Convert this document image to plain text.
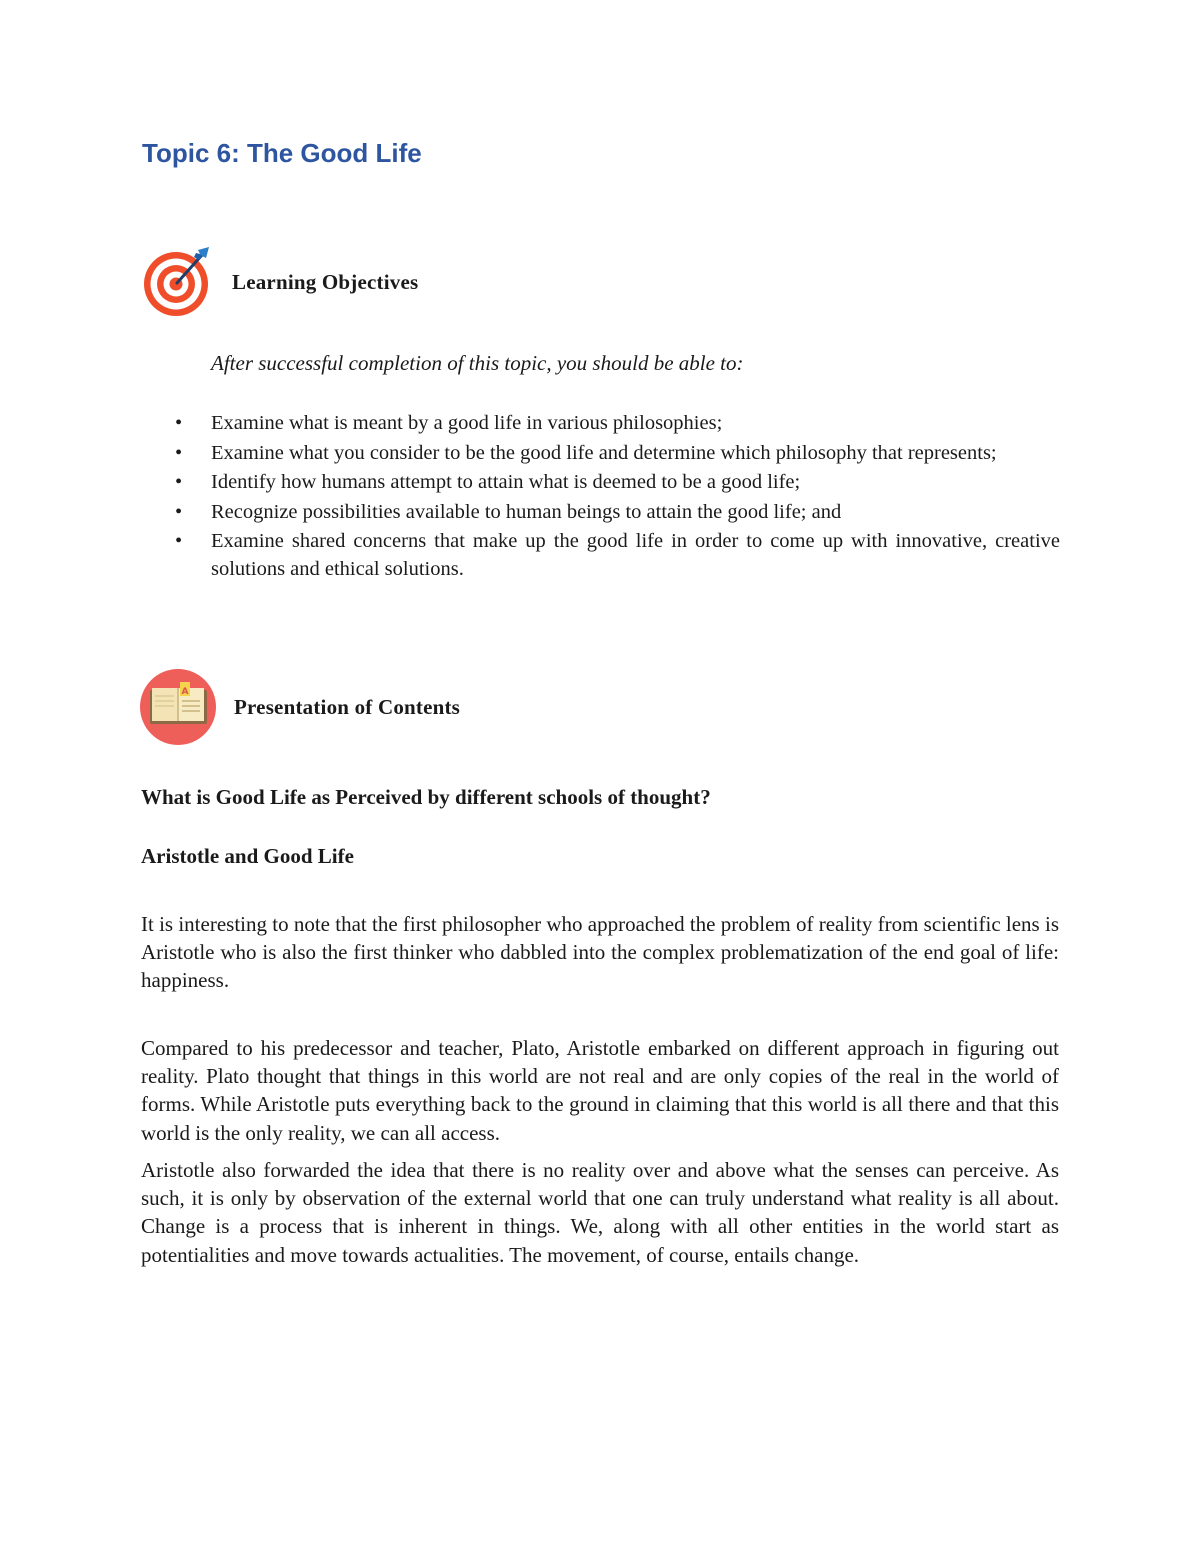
Topic 6: The Good Life
Learning Objectives

After successful completion of this topic, you should be able to:

• Examine what is meant by a good life in various philosophies;
• Examine what you consider to be the good life and determine which philosophy that represents;
• Identify how humans attempt to attain what is deemed to be a good life;
• Recognize possibilities available to human beings to attain the good life; and
• Examine shared concerns that make up the good life in order to come up with innovative, creative solutions and ethical solutions.
A
Presentation of Contents

What is Good Life as Perceived by different schools of thought?

Aristotle and Good Life

It is interesting to note that the first philosopher who approached the problem of reality from scientific lens is Aristotle who is also the first thinker who dabbled into the complex problematization of the end goal of life: happiness.

Compared to his predecessor and teacher, Plato, Aristotle embarked on different approach in figuring out reality. Plato thought that things in this world are not real and are only copies of the real in the world of forms. While Aristotle puts everything back to the ground in claiming that this world is all there and that this world is the only reality, we can all access.

Aristotle also forwarded the idea that there is no reality over and above what the senses can perceive. As such, it is only by observation of the external world that one can truly understand what reality is all about. Change is a process that is inherent in things. We, along with all other entities in the world start as potentialities and move towards actualities. The movement, of course, entails change.
